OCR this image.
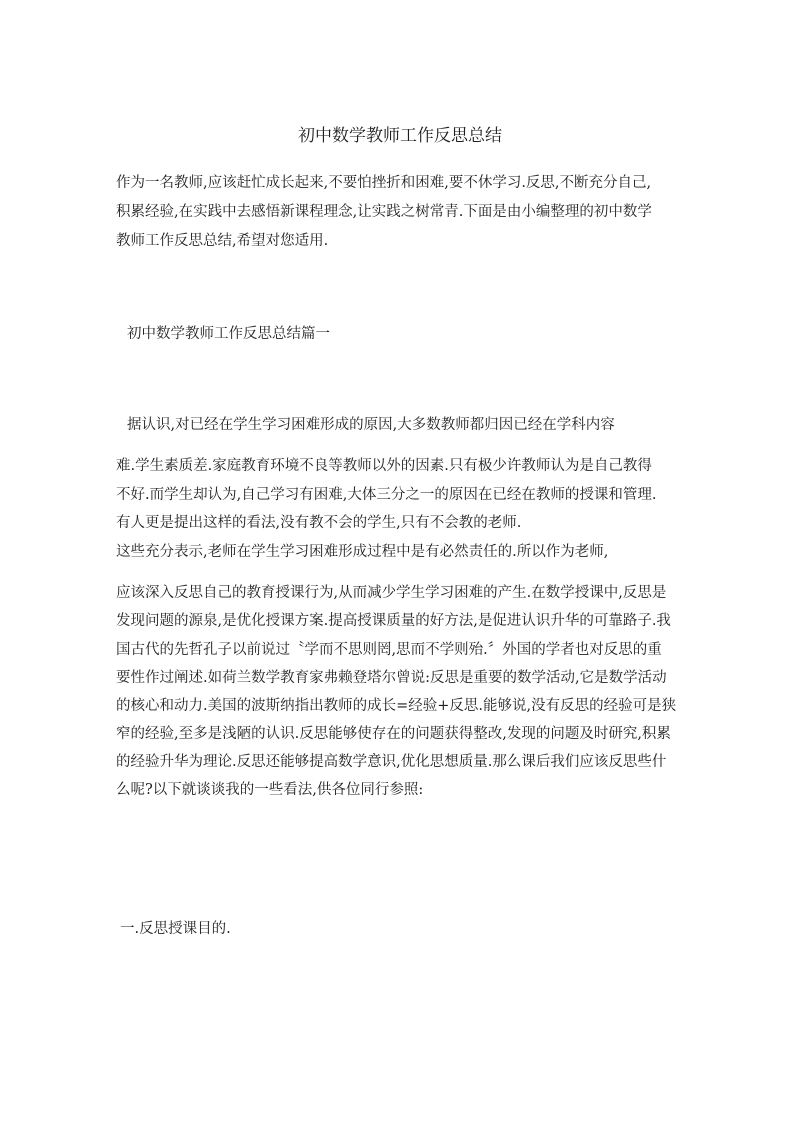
初中数学教师工作反思总结
作为一名教师,应该赶忙成长起来,不要怕挫折和困难,要不休学习.反思,不断充分自己,
积累经验,在实践中去感悟新课程理念,让实践之树常青.下面是由小编整理的初中数学
教师工作反思总结,希望对您适用.
初中数学教师工作反思总结篇一
据认识,对已经在学生学习困难形成的原因,大多数教师都归因已经在学科内容
难.学生素质差.家庭教育环境不良等教师以外的因素.只有极少许教师认为是自己教得
不好.而学生却认为,自己学习有困难,大体三分之一的原因在已经在教师的授课和管理.
有人更是提出这样的看法,没有教不会的学生,只有不会教的老师.
这些充分表示,老师在学生学习困难形成过程中是有必然责任的.所以作为老师,
应该深入反思自己的教育授课行为,从而减少学生学习困难的产生.在数学授课中,反思是
发现问题的源泉,是优化授课方案.提高授课质量的好方法,是促进认识升华的可靠路子.我
国古代的先哲孔子以前说过〝学而不思则罔,思而不学则殆.〞外国的学者也对反思的重
要性作过阐述.如荷兰数学教育家弗赖登塔尔曾说:反思是重要的数学活动,它是数学活动
的核心和动力.美国的波斯纳指出教师的成长=经验+反思.能够说,没有反思的经验可是狭
窄的经验,至多是浅陋的认识.反思能够使存在的问题获得整改,发现的问题及时研究,积累
的经验升华为理论.反思还能够提高数学意识,优化思想质量.那么课后我们应该反思些什
么呢?以下就谈谈我的一些看法,供各位同行参照:
一.反思授课目的.
